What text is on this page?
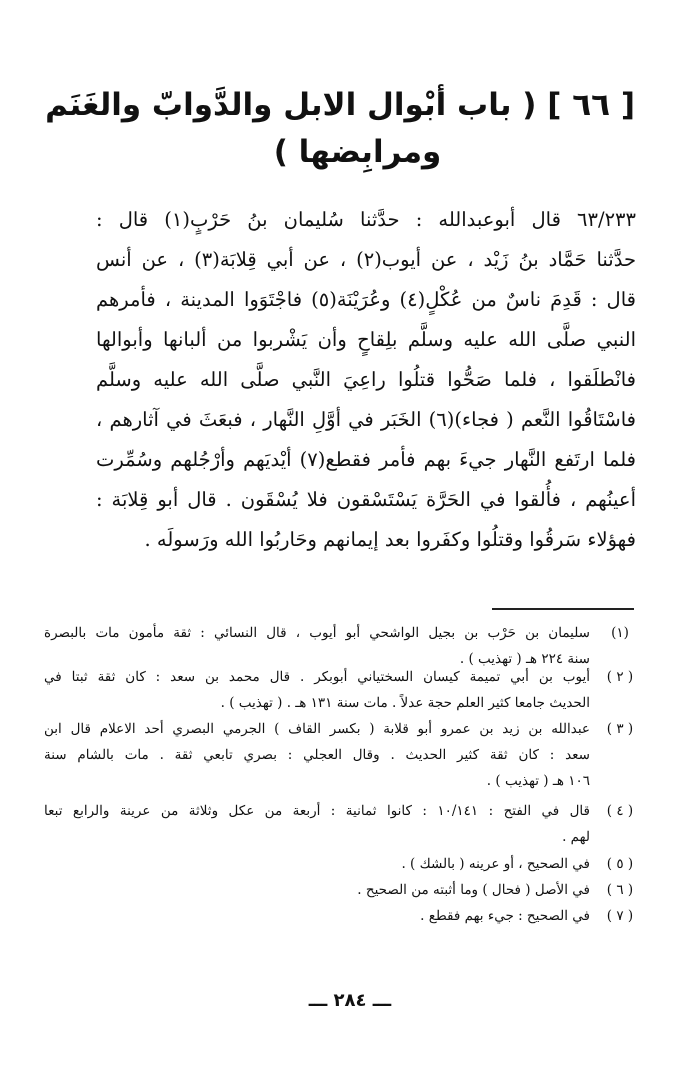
[ ٦٦ ] ( باب أبْوال الابل والدَّوابّ والغَنَم
ومرابِضها )
٦٣/٢٣٣ قال أبوعبدالله : حدَّثنا سُليمان بنُ حَرْبٍ(١) قال :
حدَّثنا حَمَّاد بنُ زَيْد ، عن أيوب(٢) ، عن أبي قِلابَة(٣) ، عن أنس
قال : قَدِمَ ناسٌ من عُكْلٍ(٤) وعُرَيْنَة(٥) فاجْتَوَوا المدينة ، فأمرهم
النبي صلَّى الله عليه وسلَّم بلِقاحٍ وأن يَشْربوا من ألبانها وأبوالها
فانْطلَقوا ، فلما صَحُّوا قتلُوا راعِيَ النَّبي صلَّى الله عليه وسلَّم
فاسْتَاقُوا النَّعم ( فجاء)(٦) الخَبَر في أوَّلِ النَّهار ، فبعَثَ في آثارهم ،
فلما ارتَفع النَّهار جيءَ بهم فأمر فقطع(٧) أيْديَهم وأرْجُلهم وسُمِّرت
أعينُهم ، فأُلقوا في الحَرَّة يَسْتَسْقون فلا يُسْقَون . قال أبو قِلابَة :
فهؤلاء سَرقُوا وقتلُوا وكفَروا بعد إيمانهم وحَاربُوا الله ورَسولَه .
(١)
سليمان بن حَرْب بن بجيل الواشحي أبو أيوب ، قال النسائي : ثقة مأمون مات بالبصرة
سنة ٢٢٤ هـ ( تهذيب ) .
( ٢ )
أيوب بن أبي تميمة كيسان السختياني أبوبكر . قال محمد بن سعد : كان ثقة ثبتا في
الحديث جامعا كثير العلم حجة عدلاً . مات سنة ١٣١ هـ . ( تهذيب ) .
( ٣ )
عبدالله بن زيد بن عمرو أبو قلابة ( بكسر القاف ) الجرمي البصري أحد الاعلام قال ابن
سعد : كان ثقة كثير الحديث . وقال العجلي : بصري تابعي ثقة . مات بالشام سنة
١٠٦ هـ ( تهذيب ) .
( ٤ )
قال في الفتح : ١٠/١٤١ : كانوا ثمانية : أربعة من عكل وثلاثة من عرينة والرابع تبعا
لهم .
( ٥ )
في الصحيح ، أو عرينه ( بالشك ) .
( ٦ )
في الأصل ( فحال ) وما أثبته من الصحيح .
( ٧ )
في الصحيح : جيء بهم فقطع .
ـــ ٢٨٤ ـــ
